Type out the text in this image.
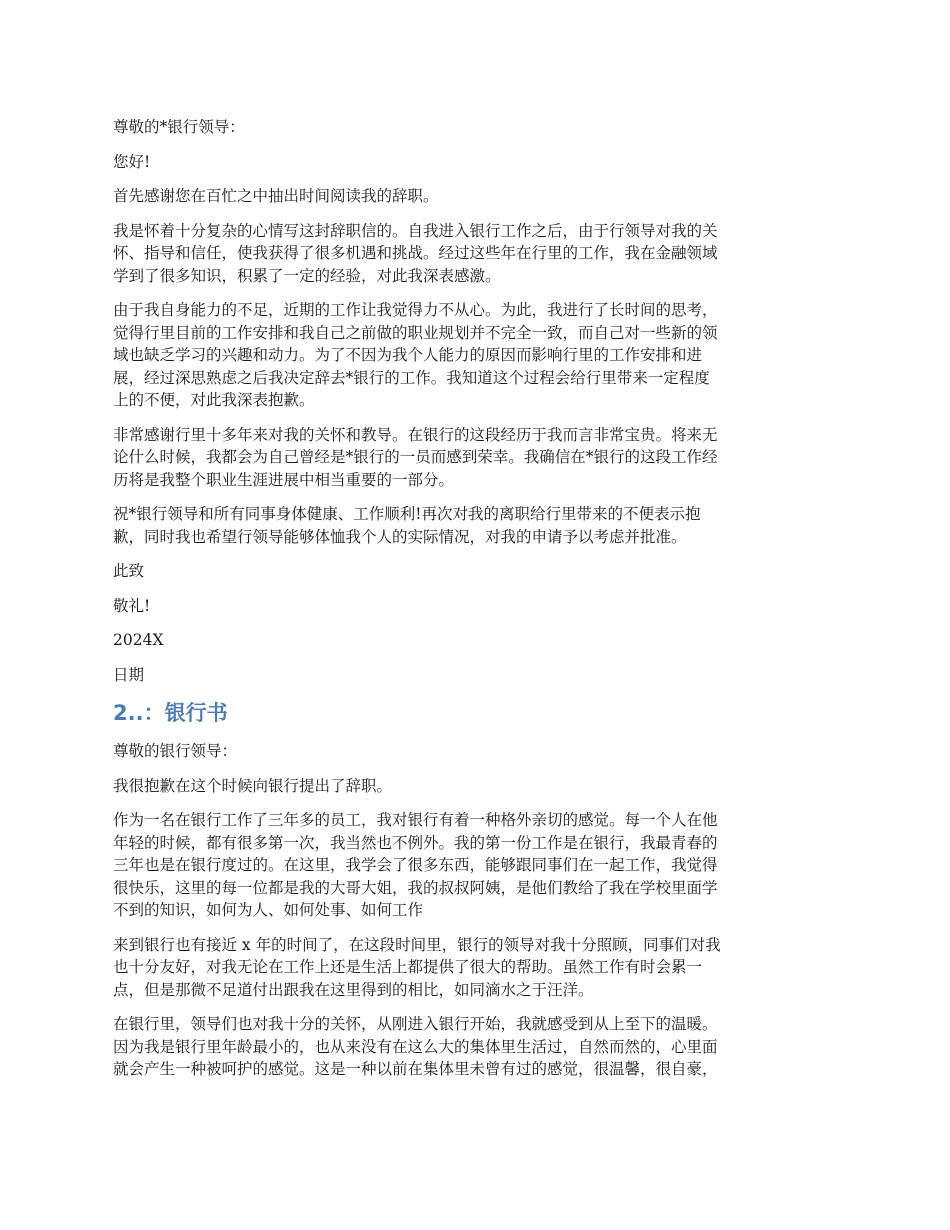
尊敬的*银行领导：

您好!

首先感谢您在百忙之中抽出时间阅读我的辞职。

我是怀着十分复杂的心情写这封辞职信的。自我进入银行工作之后，由于行领导对我的关
怀、指导和信任，使我获得了很多机遇和挑战。经过这些年在行里的工作，我在金融领域
学到了很多知识，积累了一定的经验，对此我深表感激。

由于我自身能力的不足，近期的工作让我觉得力不从心。为此，我进行了长时间的思考，
觉得行里目前的工作安排和我自己之前做的职业规划并不完全一致，而自己对一些新的领
域也缺乏学习的兴趣和动力。为了不因为我个人能力的原因而影响行里的工作安排和进
展，经过深思熟虑之后我决定辞去*银行的工作。我知道这个过程会给行里带来一定程度
上的不便，对此我深表抱歉。

非常感谢行里十多年来对我的关怀和教导。在银行的这段经历于我而言非常宝贵。将来无
论什么时候，我都会为自己曾经是*银行的一员而感到荣幸。我确信在*银行的这段工作经
历将是我整个职业生涯进展中相当重要的一部分。

祝*银行领导和所有同事身体健康、工作顺利!再次对我的离职给行里带来的不便表示抱
歉，同时我也希望行领导能够体恤我个人的实际情况，对我的申请予以考虑并批准。

此致

敬礼!

2024X

日期

2..：银行书

尊敬的银行领导：

我很抱歉在这个时候向银行提出了辞职。

作为一名在银行工作了三年多的员工，我对银行有着一种格外亲切的感觉。每一个人在他
年轻的时候，都有很多第一次，我当然也不例外。我的第一份工作是在银行，我最青春的
三年也是在银行度过的。在这里，我学会了很多东西，能够跟同事们在一起工作，我觉得
很快乐，这里的每一位都是我的大哥大姐，我的叔叔阿姨，是他们教给了我在学校里面学
不到的知识，如何为人、如何处事、如何工作

来到银行也有接近 x 年的时间了，在这段时间里，银行的领导对我十分照顾，同事们对我
也十分友好，对我无论在工作上还是生活上都提供了很大的帮助。虽然工作有时会累一
点，但是那微不足道付出跟我在这里得到的相比，如同滴水之于汪洋。

在银行里，领导们也对我十分的关怀，从刚进入银行开始，我就感受到从上至下的温暖。
因为我是银行里年龄最小的，也从来没有在这么大的集体里生活过，自然而然的，心里面
就会产生一种被呵护的感觉。这是一种以前在集体里未曾有过的感觉，很温馨，很自豪，
